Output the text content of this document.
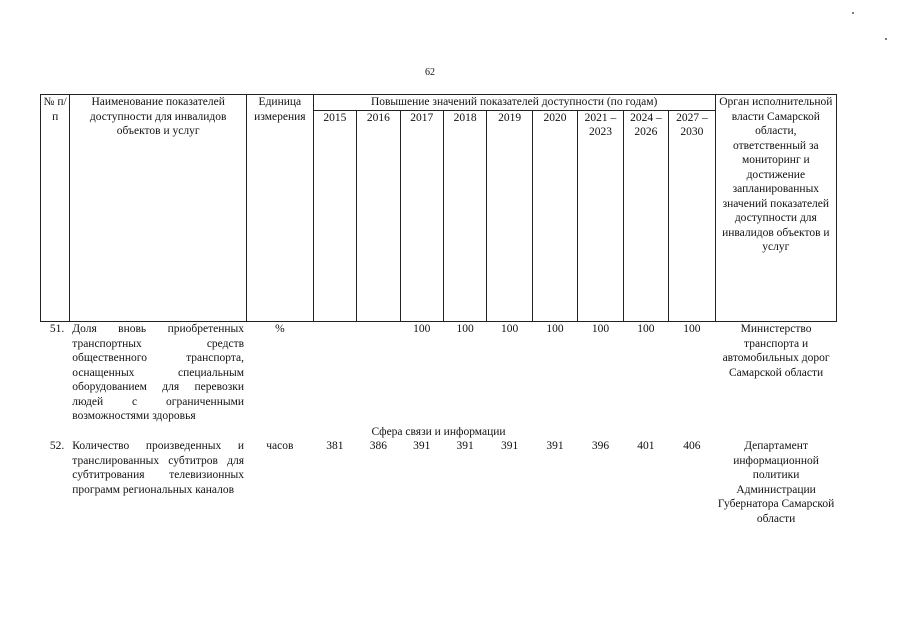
62
№ п/п	Наименование показателей доступности для инвалидов объектов и услуг	Единица измерения	Повышение значений показателей доступности (по годам)									Орган исполнительной власти Самарской области, ответственный за мониторинг и достижение запланированных значений показателей доступности для инвалидов объектов и услуг
			2015	2016	2017	2018	2019	2020	2021 – 2023	2024 – 2026	2027 – 2030	
51.	Доля вновь приобретенных транспортных средств общественного транспорта, оснащенных специальным оборудованием для перевозки людей с ограниченными возможностями здоровья	%			100	100	100	100	100	100	100	Министерство транспорта и автомобильных дорог Самарской области
Сфера связи и информации												
52.	Количество произведенных и транслированных субтитров для субтитрования телевизионных программ региональных каналов	часов	381	386	391	391	391	391	396	401	406	Департамент информационной политики Администрации Губернатора Самарской области
